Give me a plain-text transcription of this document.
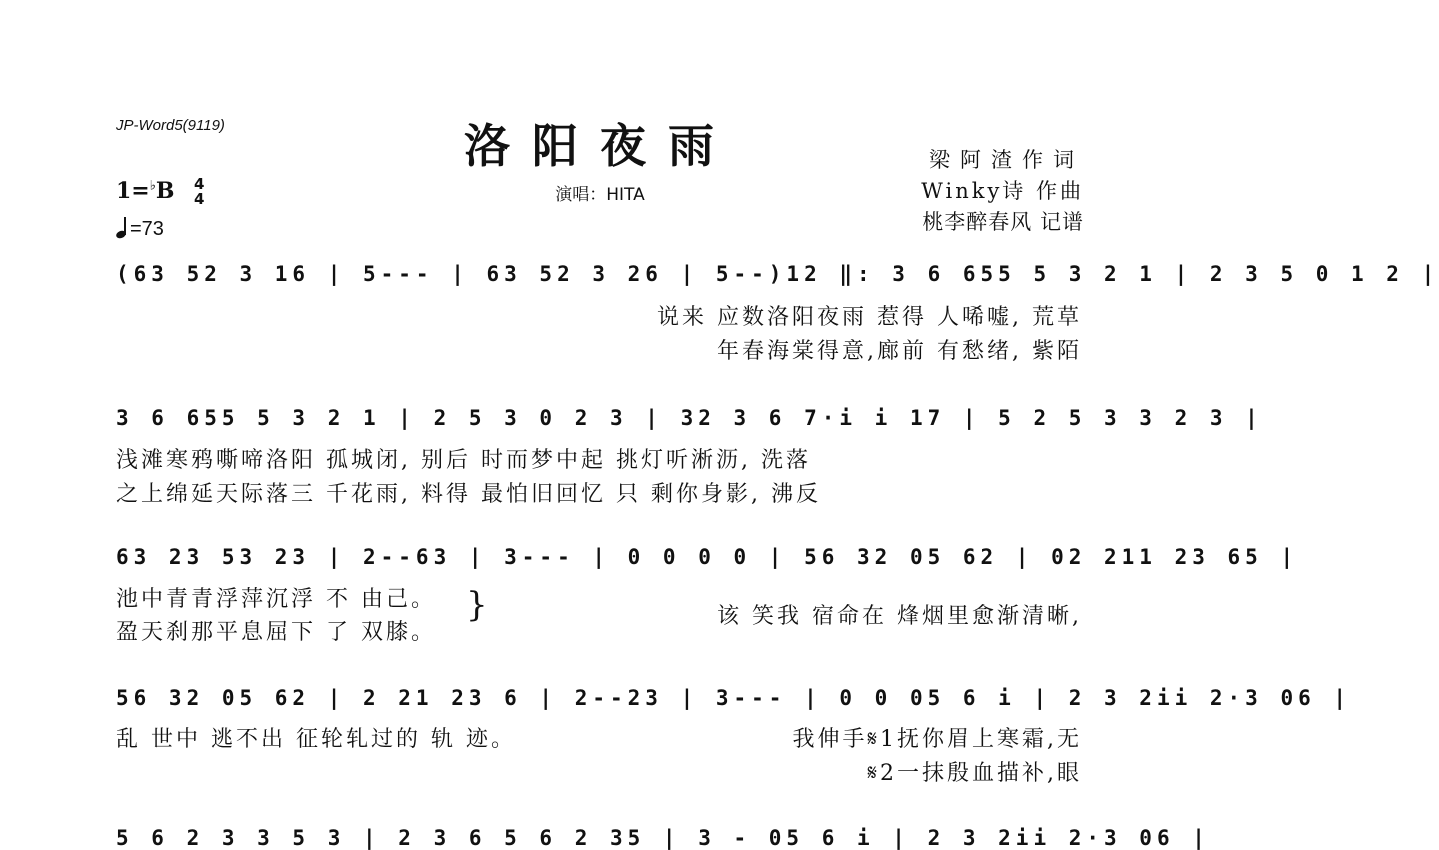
JP-Word5(9119)	洛阳夜雨
演唱：HITA
梁阿渣作词
Winky诗 作曲
桃李醉春风 记谱
1=♭B 4
4
=73
(63 52 3 16 | 5--- | 63 52 3 26 | 5--)12 ‖: 3 6 655 5 3 2 1 | 2 3 5 0 1 2 |
说来 应数洛阳夜雨 惹得 人唏嘘, 荒草
年春海棠得意,廊前 有愁绪, 紫陌
3 6 655 5 3 2 1 | 2 5 3 0 2 3 | 32 3 6 7·i i 17 | 5 2 5 3 3 2 3 |
浅滩寒鸦嘶啼洛阳 孤城闭, 别后 时而梦中起 挑灯听淅沥, 洗落
之上绵延天际落三 千花雨, 料得 最怕旧回忆 只 剩你身影, 沸反
63 23 53 23 | 2--63 | 3--- | 0 0 0 0 | 56 32 05 62 | 02 211 23 65 |
池中青青浮萍沉浮 不 由己。
盈天刹那平息屈下 了 双膝。
}	该 笑我 宿命在 烽烟里愈渐清晰,
56 32 05 62 | 2 21 23 6 | 2--23 | 3--- | 0 0 05 6 i | 2 3 2ii 2·3 06 |
乱 世中 逃不出 征轮轧过的 轨 迹。	我伸手𝄋1抚你眉上寒霜,无
𝄋2一抹殷血描补,眼
5 6 2 3 3 5 3 | 2 3 6 5 6 2 35 | 3 - 05 6 i | 2 3 2ii 2·3 06 |
